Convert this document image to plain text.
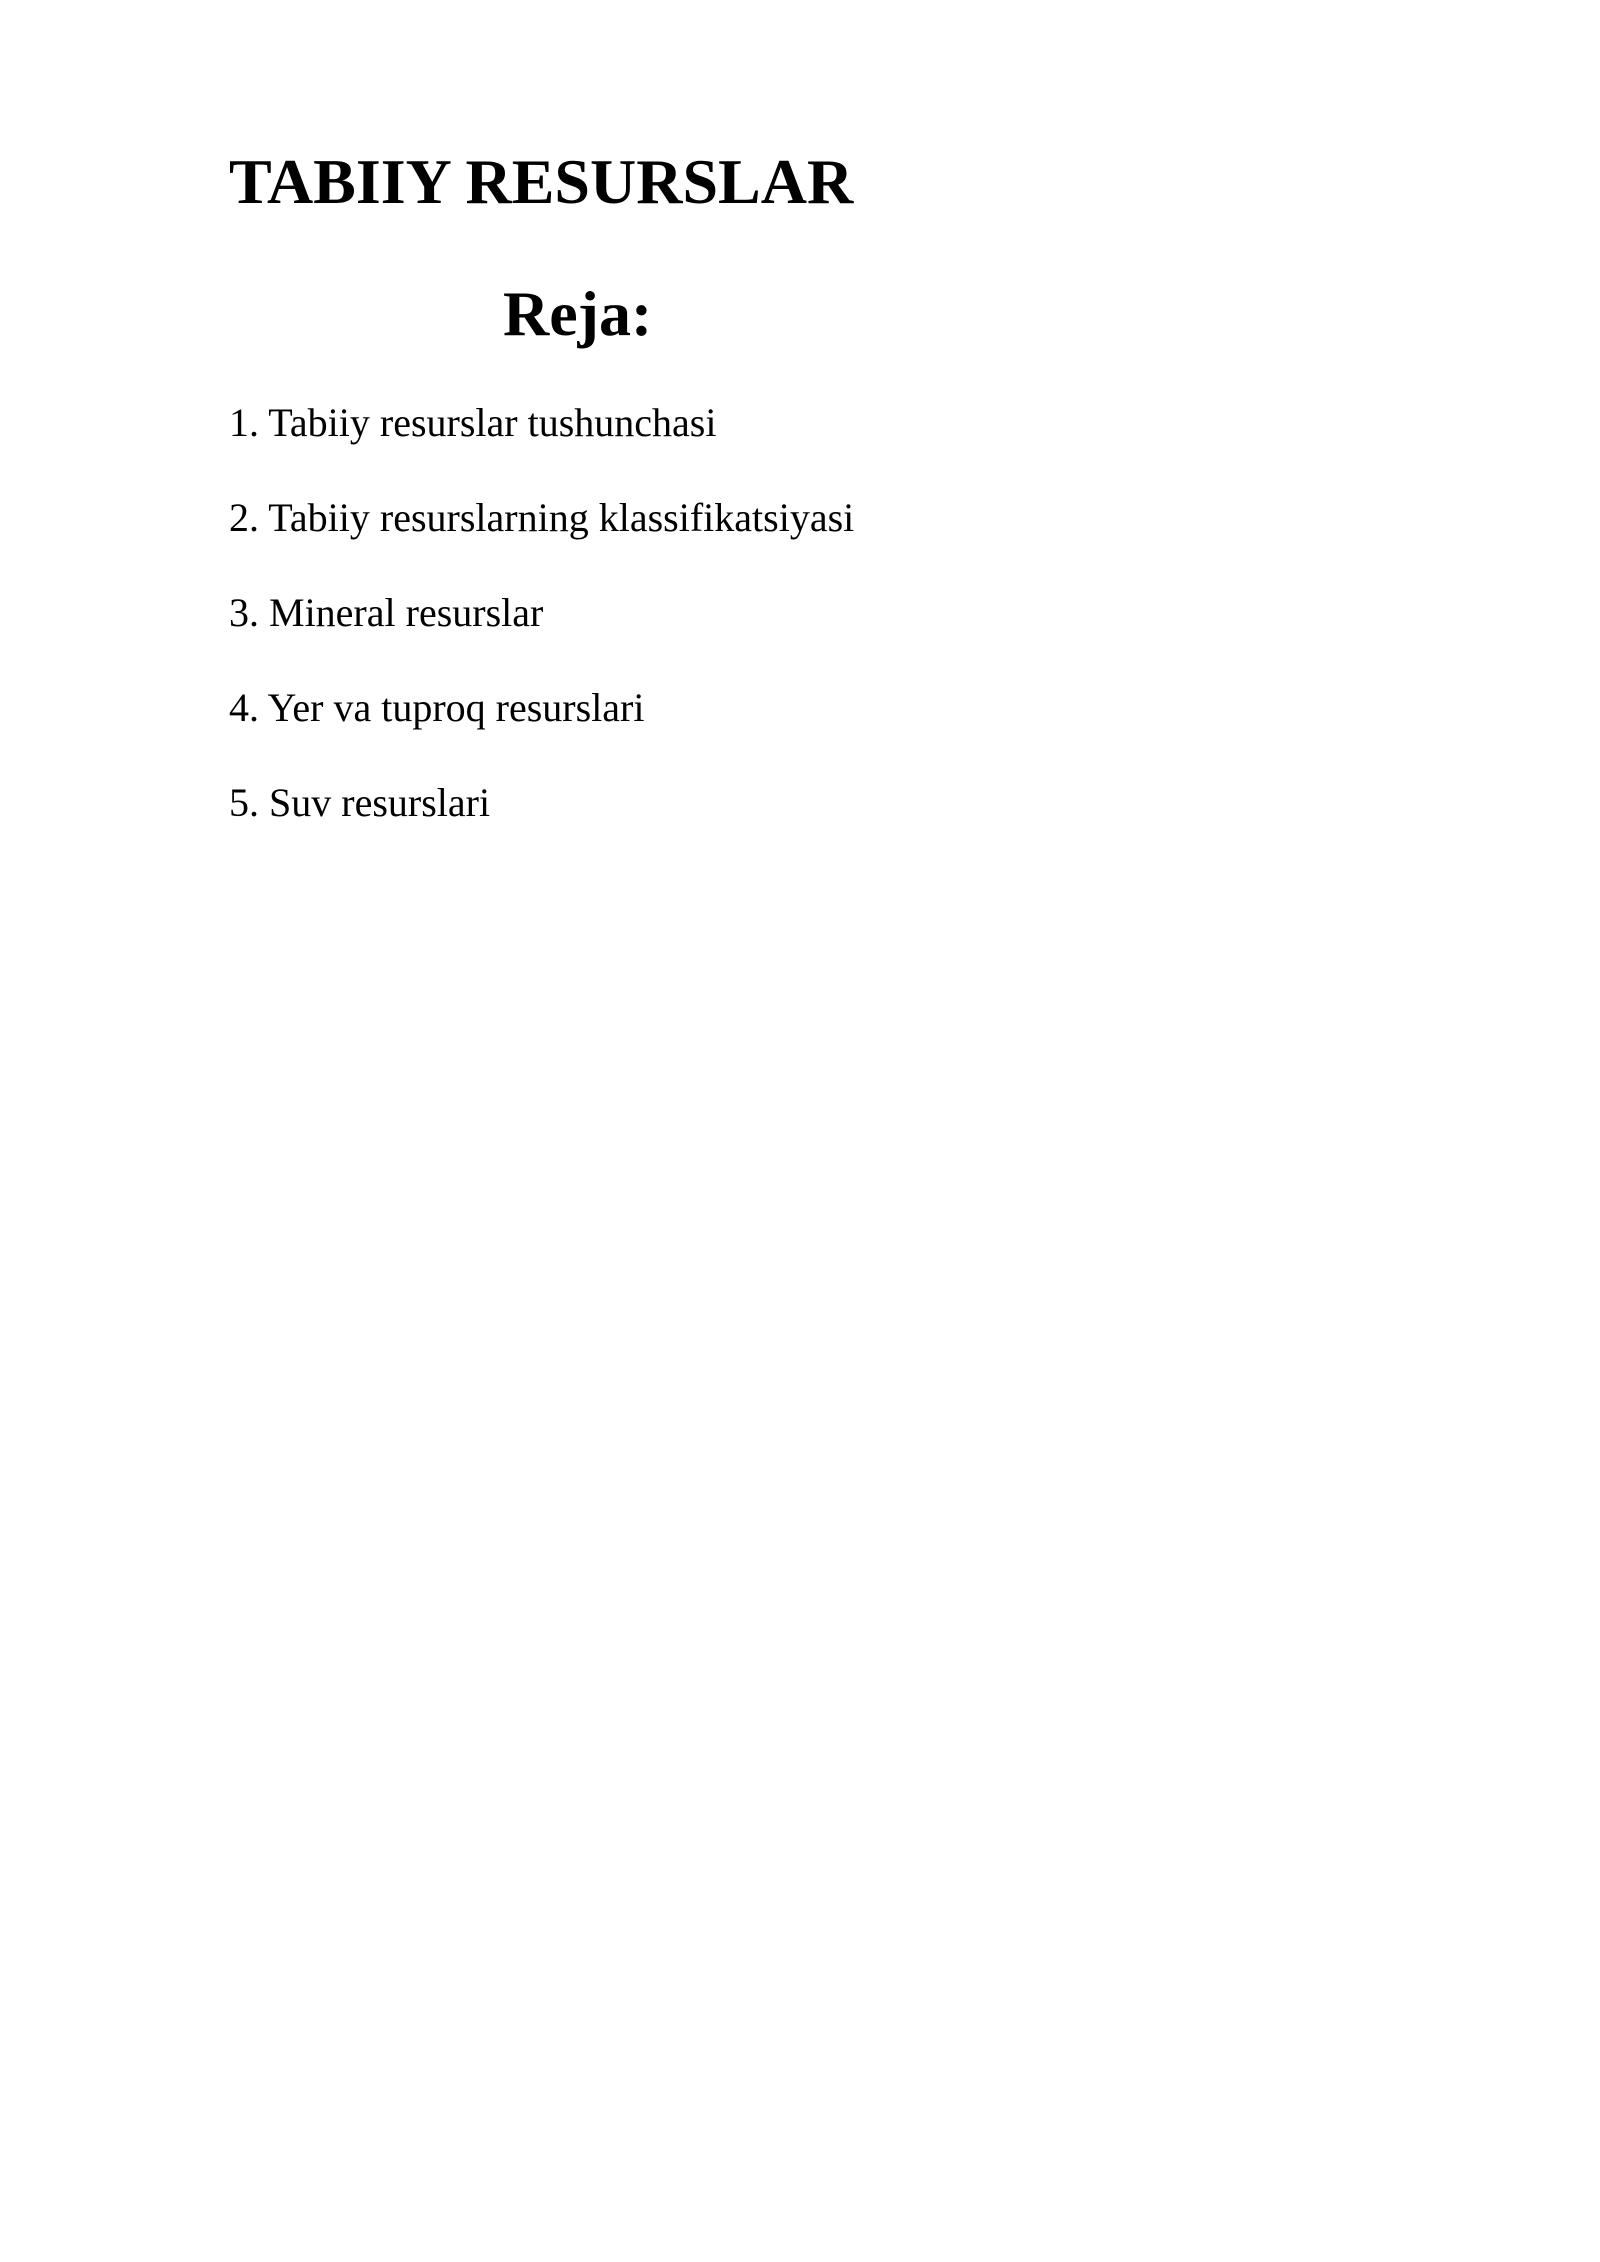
TABIIY RESURSLAR
Reja:
1. Tabiiy resurslar tushunchasi
2. Tabiiy resurslarning klassifikatsiyasi
3. Mineral resurslar
4. Yer va tuproq resurslari
5. Suv resurslari
